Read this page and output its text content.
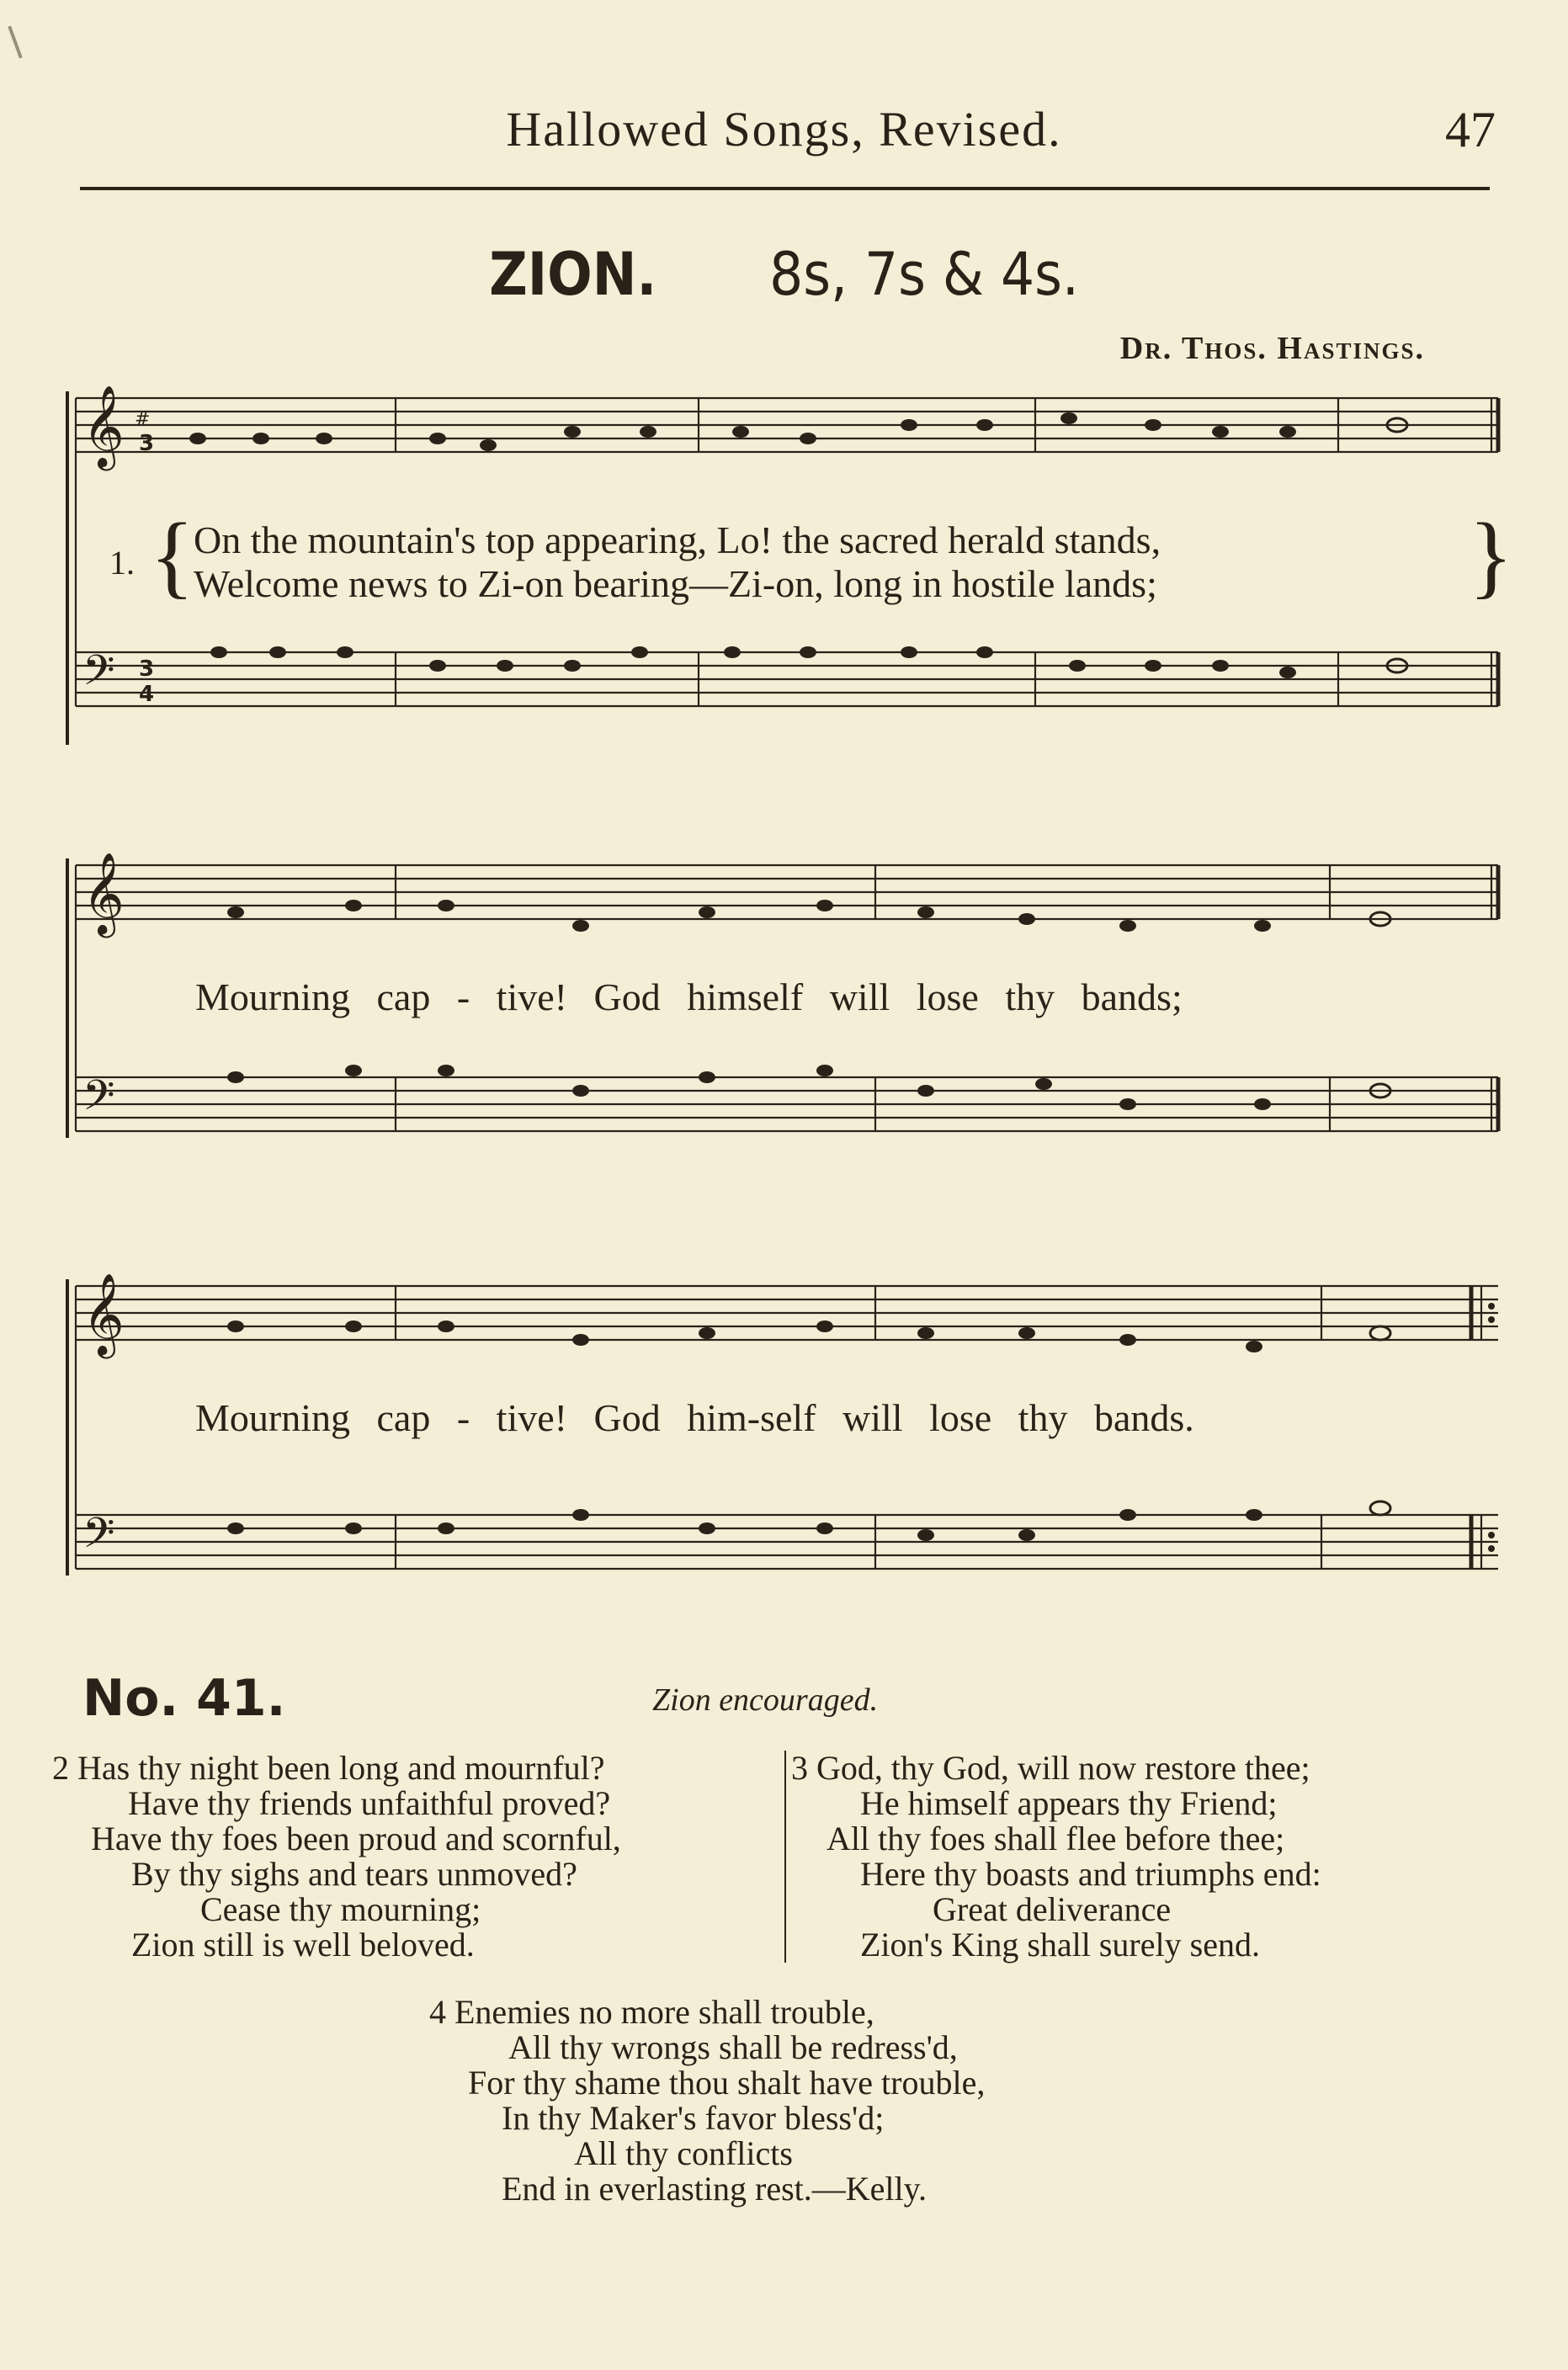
Hallowed Songs, Revised.	47
ZION. 8s, 7s & 4s.
Dr. Thos. Hastings.
𝄞
𝄢
#
3
3
4
1. {	}
On the mountain's top appearing, Lo! the sacred herald stands,
Welcome news to Zi-on bearing—Zi-on, long in hostile lands;
𝄞
𝄢
Mourning cap - tive! God himself will lose thy bands;
𝄞
𝄢
Mourning cap - tive! God him-self will lose thy bands.
No. 41.	Zion encouraged.
2 Has thy night been long and mournful?
Have thy friends unfaithful proved?
Have thy foes been proud and scornful,
By thy sighs and tears unmoved?
Cease thy mourning;
Zion still is well beloved.
3 God, thy God, will now restore thee;
He himself appears thy Friend;
All thy foes shall flee before thee;
Here thy boasts and triumphs end:
Great deliverance
Zion's King shall surely send.
4 Enemies no more shall trouble,
All thy wrongs shall be redress'd,
For thy shame thou shalt have trouble,
In thy Maker's favor bless'd;
All thy conflicts
End in everlasting rest.—Kelly.
